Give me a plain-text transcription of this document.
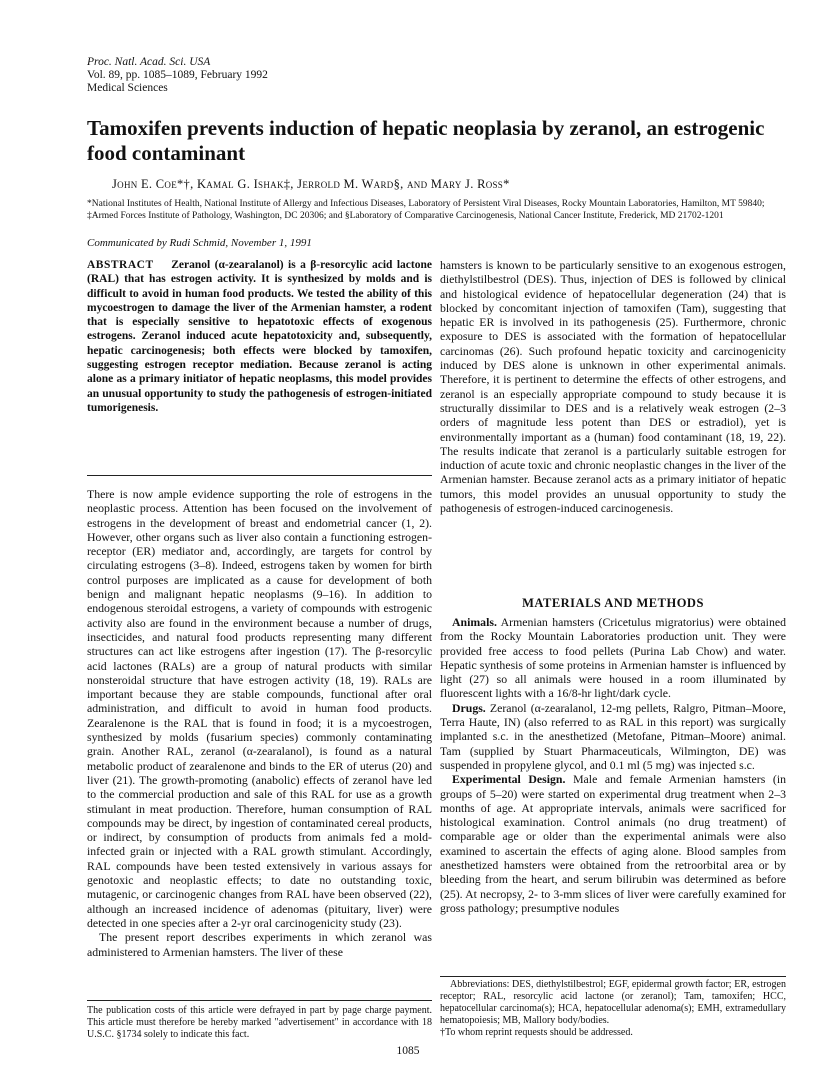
Proc. Natl. Acad. Sci. USA
Vol. 89, pp. 1085–1089, February 1992
Medical Sciences
Tamoxifen prevents induction of hepatic neoplasia by zeranol, an estrogenic food contaminant
John E. Coe*†, Kamal G. Ishak‡, Jerrold M. Ward§, and Mary J. Ross*
*National Institutes of Health, National Institute of Allergy and Infectious Diseases, Laboratory of Persistent Viral Diseases, Rocky Mountain Laboratories, Hamilton, MT 59840; ‡Armed Forces Institute of Pathology, Washington, DC 20306; and §Laboratory of Comparative Carcinogenesis, National Cancer Institute, Frederick, MD 21702-1201
Communicated by Rudi Schmid, November 1, 1991
ABSTRACT Zeranol (α-zearalanol) is a β-resorcylic acid lactone (RAL) that has estrogen activity. It is synthesized by molds and is difficult to avoid in human food products. We tested the ability of this mycoestrogen to damage the liver of the Armenian hamster, a rodent that is especially sensitive to hepatotoxic effects of exogenous estrogens. Zeranol induced acute hepatotoxicity and, subsequently, hepatic carcinogenesis; both effects were blocked by tamoxifen, suggesting estrogen receptor mediation. Because zeranol is acting alone as a primary initiator of hepatic neoplasms, this model provides an unusual opportunity to study the pathogenesis of estrogen-initiated tumorigenesis.

There is now ample evidence supporting the role of estrogens in the neoplastic process. Attention has been focused on the involvement of estrogens in the development of breast and endometrial cancer (1, 2). However, other organs such as liver also contain a functioning estrogen-receptor (ER) mediator and, accordingly, are targets for control by circulating estrogens (3–8). Indeed, estrogens taken by women for birth control purposes are implicated as a cause for development of both benign and malignant hepatic neoplasms (9–16). In addition to endogenous steroidal estrogens, a variety of compounds with estrogenic activity also are found in the environment because a number of drugs, insecticides, and natural food products representing many different structures can act like estrogens after ingestion (17). The β-resorcylic acid lactones (RALs) are a group of natural products with similar nonsteroidal structure that have estrogen activity (18, 19). RALs are important because they are stable compounds, functional after oral administration, and difficult to avoid in human food products. Zearalenone is the RAL that is found in food; it is a mycoestrogen, synthesized by molds (fusarium species) commonly contaminating grain. Another RAL, zeranol (α-zearalanol), is found as a natural metabolic product of zearalenone and binds to the ER of uterus (20) and liver (21). The growth-promoting (anabolic) effects of zeranol have led to the commercial production and sale of this RAL for use as a growth stimulant in meat production. Therefore, human consumption of RAL compounds may be direct, by ingestion of contaminated cereal products, or indirect, by consumption of products from animals fed a mold-infected grain or injected with a RAL growth stimulant. Accordingly, RAL compounds have been tested extensively in various assays for genotoxic and neoplastic effects; to date no outstanding toxic, mutagenic, or carcinogenic changes from RAL have been observed (22), although an increased incidence of adenomas (pituitary, liver) were detected in one species after a 2-yr oral carcinogenicity study (23).

The present report describes experiments in which zeranol was administered to Armenian hamsters. The liver of these

hamsters is known to be particularly sensitive to an exogenous estrogen, diethylstilbestrol (DES). Thus, injection of DES is followed by clinical and histological evidence of hepatocellular degeneration (24) that is blocked by concomitant injection of tamoxifen (Tam), suggesting that hepatic ER is involved in its pathogenesis (25). Furthermore, chronic exposure to DES is associated with the formation of hepatocellular carcinomas (26). Such profound hepatic toxicity and carcinogenicity induced by DES alone is unknown in other experimental animals. Therefore, it is pertinent to determine the effects of other estrogens, and zeranol is an especially appropriate compound to study because it is structurally dissimilar to DES and is a relatively weak estrogen (2–3 orders of magnitude less potent than DES or estradiol), yet is environmentally important as a (human) food contaminant (18, 19, 22). The results indicate that zeranol is a particularly suitable estrogen for induction of acute toxic and chronic neoplastic changes in the liver of the Armenian hamster. Because zeranol acts as a primary initiator of hepatic tumors, this model provides an unusual opportunity to study the pathogenesis of estrogen-induced carcinogenesis.

MATERIALS AND METHODS

Animals. Armenian hamsters (Cricetulus migratorius) were obtained from the Rocky Mountain Laboratories production unit. They were provided free access to food pellets (Purina Lab Chow) and water. Hepatic synthesis of some proteins in Armenian hamster is influenced by light (27) so all animals were housed in a room illuminated by fluorescent lights with a 16/8-hr light/dark cycle.

Drugs. Zeranol (α-zearalanol, 12-mg pellets, Ralgro, Pitman–Moore, Terra Haute, IN) (also referred to as RAL in this report) was surgically implanted s.c. in the anesthetized (Metofane, Pitman–Moore) animal. Tam (supplied by Stuart Pharmaceuticals, Wilmington, DE) was suspended in propylene glycol, and 0.1 ml (5 mg) was injected s.c.

Experimental Design. Male and female Armenian hamsters (in groups of 5–20) were started on experimental drug treatment when 2–3 months of age. At appropriate intervals, animals were sacrificed for histological examination. Control animals (no drug treatment) of comparable age or older than the experimental animals were also examined to ascertain the effects of aging alone. Blood samples from anesthetized hamsters were obtained from the retroorbital area or by bleeding from the heart, and serum bilirubin was determined as before (25). At necropsy, 2- to 3-mm slices of liver were carefully examined for gross pathology; presumptive nodules

The publication costs of this article were defrayed in part by page charge payment. This article must therefore be hereby marked "advertisement" in accordance with 18 U.S.C. §1734 solely to indicate this fact.
Abbreviations: DES, diethylstilbestrol; EGF, epidermal growth factor; ER, estrogen receptor; RAL, resorcylic acid lactone (or zeranol); Tam, tamoxifen; HCC, hepatocellular carcinoma(s); HCA, hepatocellular adenoma(s); EMH, extramedullary hematopoiesis; MB, Mallory body/bodies.
†To whom reprint requests should be addressed.
1085
